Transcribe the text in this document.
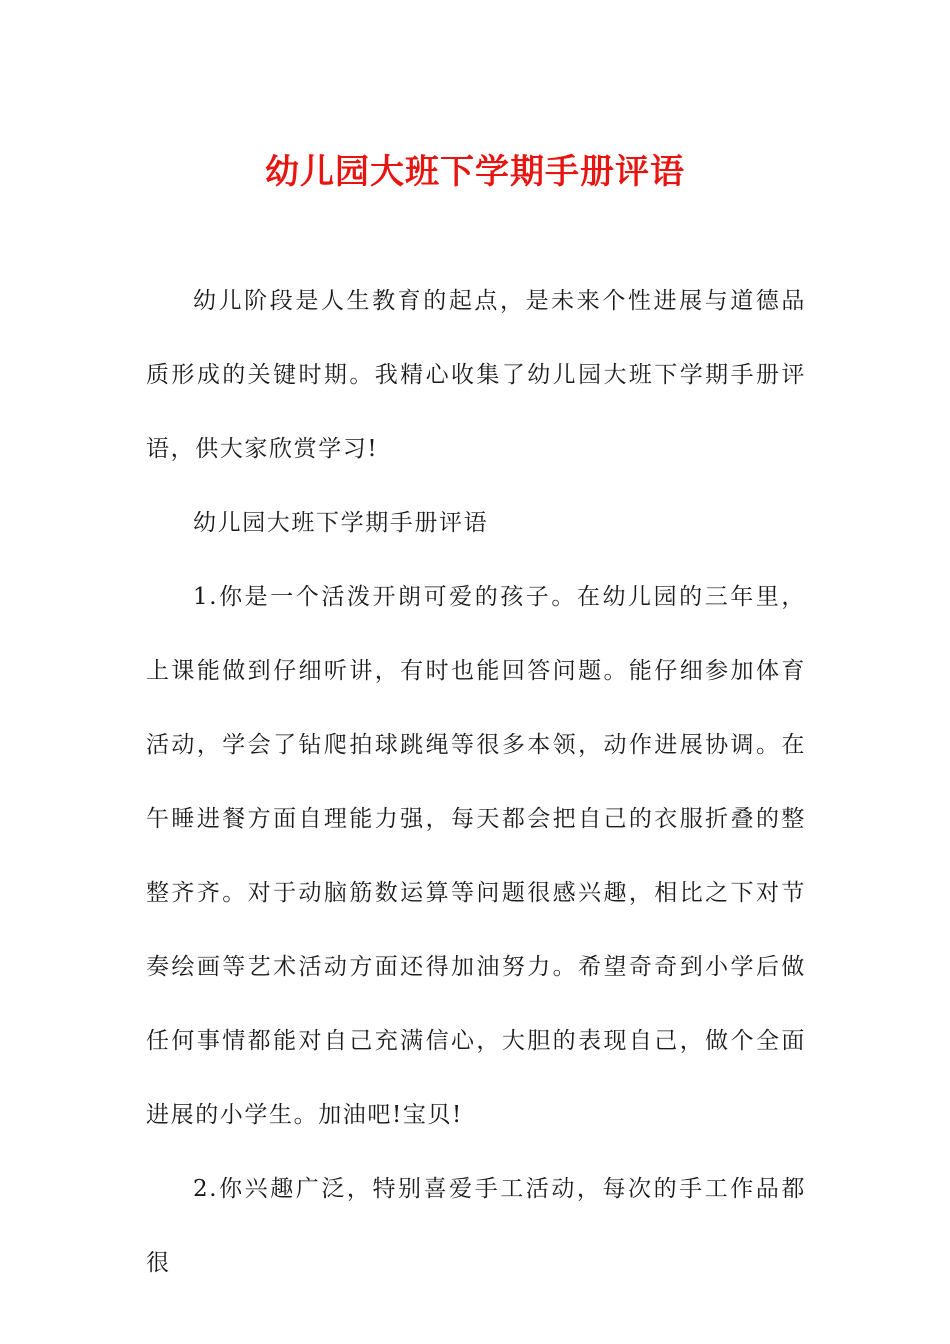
幼儿园大班下学期手册评语

幼儿阶段是人生教育的起点，是未来个性进展与道德品质形成的关键时期。我精心收集了幼儿园大班下学期手册评语，供大家欣赏学习!

幼儿园大班下学期手册评语

1.你是一个活泼开朗可爱的孩子。在幼儿园的三年里，上课能做到仔细听讲，有时也能回答问题。能仔细参加体育活动，学会了钻爬拍球跳绳等很多本领，动作进展协调。在午睡进餐方面自理能力强，每天都会把自己的衣服折叠的整整齐齐。对于动脑筋数运算等问题很感兴趣，相比之下对节奏绘画等艺术活动方面还得加油努力。希望奇奇到小学后做任何事情都能对自己充满信心，大胆的表现自己，做个全面进展的小学生。加油吧!宝贝!

2.你兴趣广泛，特别喜爱手工活动，每次的手工作品都很
